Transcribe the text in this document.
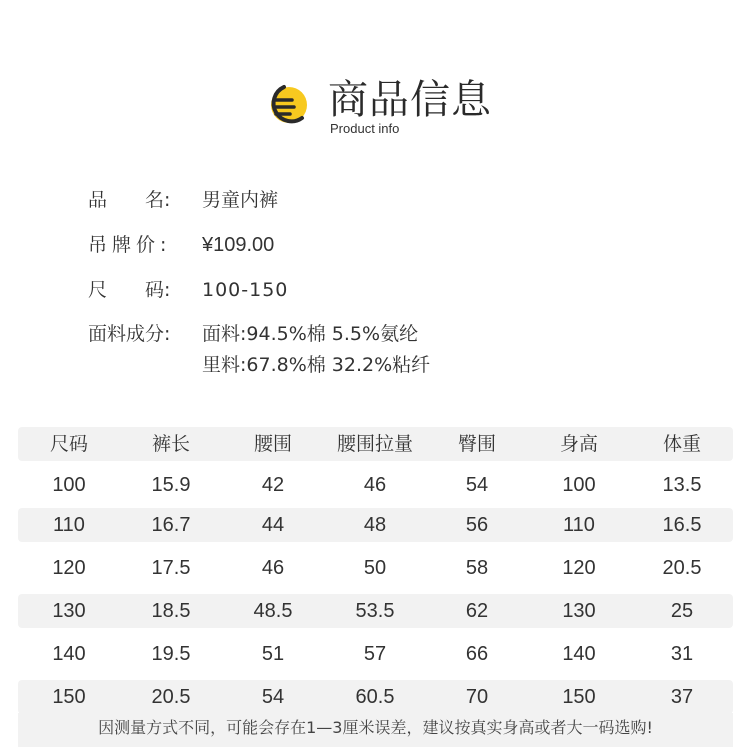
商品信息
Product info
品 名:	男童内裤
吊牌价:	¥109.00
尺 码:	100-150
面料成分:	面料:94.5%棉 5.5%氨纶
里料:67.8%棉 32.2%粘纤
尺码	裤长	腰围	腰围拉量	臀围	身高	体重
100	15.9	42	46	54	100	13.5
110	16.7	44	48	56	110	16.5
120	17.5	46	50	58	120	20.5
130	18.5	48.5	53.5	62	130	25
140	19.5	51	57	66	140	31
150	20.5	54	60.5	70	150	37
因测量方式不同，可能会存在1—3厘米误差，建议按真实身高或者大一码选购!
